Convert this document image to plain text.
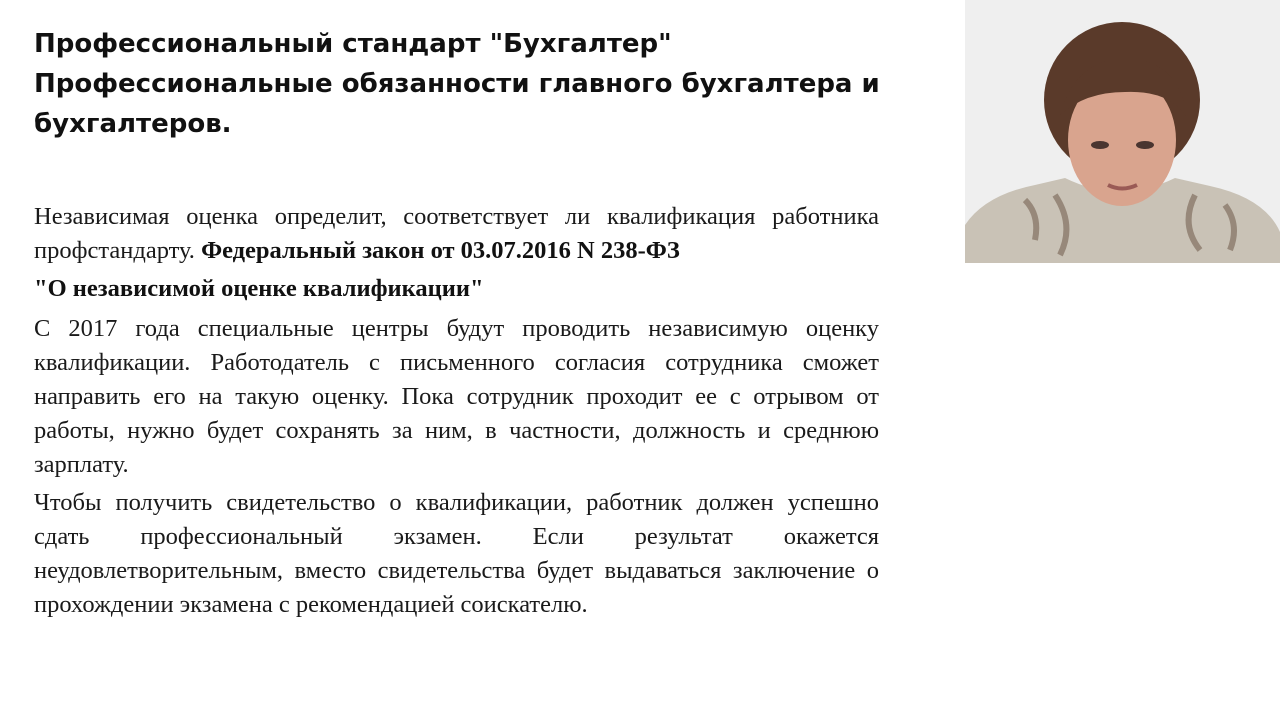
Профессиональный стандарт "Бухгалтер"

Профессиональные обязанности главного бухгалтера и бухгалтеров.

Независимая оценка определит, соответствует ли квалификация работника профстандарту. Федеральный закон от 03.07.2016 N 238-ФЗ

"О независимой оценке квалификации"

С 2017 года специальные центры будут проводить независимую оценку квалификации. Работодатель с письменного согласия сотрудника сможет направить его на такую оценку. Пока сотрудник проходит ее с отрывом от работы, нужно будет сохранять за ним, в частности, должность и среднюю зарплату.

Чтобы получить свидетельство о квалификации, работник должен успешно сдать профессиональный экзамен. Если результат окажется неудовлетворительным, вместо свидетельства будет выдаваться заключение о прохождении экзамена с рекомендацией соискателю.
